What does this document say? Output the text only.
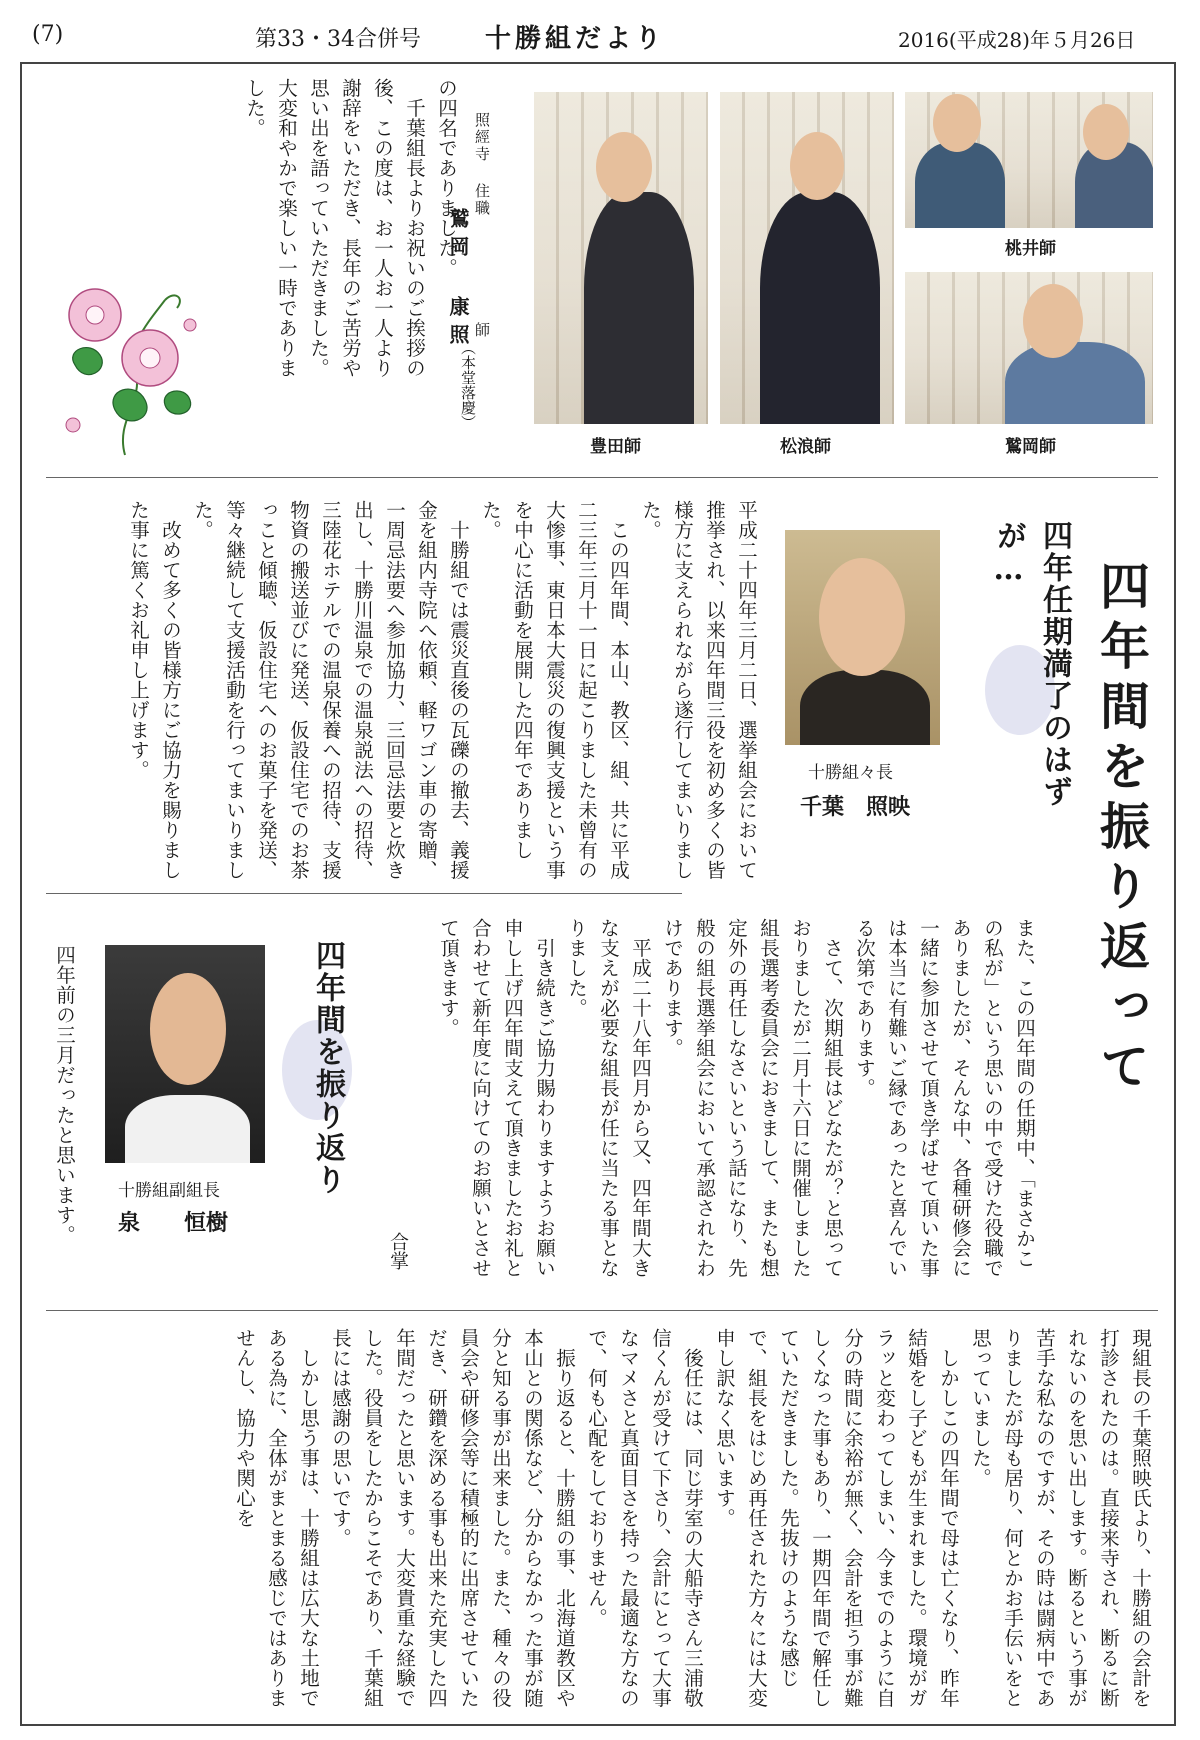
(7)	第33・34合併号 十勝組だより	2016(平成28)年５月26日
の四名でありました。
　千葉組長よりお祝いのご挨拶の後、この度は、お一人お一人より謝辞をいただき、長年のご苦労や思い出を語っていただきました。大変和やかで楽しい一時でありました。
照經寺 住職
鷲岡 康照 師
（本堂落慶）
桃井師
豊田師	松浪師	鷲岡師
四年間を振り返って
四年任期満了のはずが…
十勝組々長
千葉　照映
平成二十四年三月二日、選挙組会において推挙され、以来四年間三役を初め多くの皆様方に支えられながら遂行してまいりました。
　この四年間、本山、教区、組、共に平成二三年三月十一日に起こりました未曾有の大惨事、東日本大震災の復興支援という事を中心に活動を展開した四年でありました。
　十勝組では震災直後の瓦礫の撤去、義援金を組内寺院へ依頼、軽ワゴン車の寄贈、一周忌法要へ参加協力、三回忌法要と炊き出し、十勝川温泉での温泉説法への招待、三陸花ホテルでの温泉保養への招待、支援物資の搬送並びに発送、仮設住宅でのお茶っこと傾聴、仮設住宅へのお菓子を発送、等々継続して支援活動を行ってまいりました。
　改めて多くの皆様方にご協力を賜りました事に篤くお礼申し上げます。
また、この四年間の任期中、「まさかこの私が」という思いの中で受けた役職でありましたが、そんな中、各種研修会に一緒に参加させて頂き学ばせて頂いた事は本当に有難いご縁であったと喜んでいる次第であります。
　さて、次期組長はどなたが？と思っておりましたが二月十六日に開催しました組長選考委員会におきまして、またも想定外の再任しなさいという話になり、先般の組長選挙組会において承認されたわけであります。
　平成二十八年四月から又、四年間大きな支えが必要な組長が任に当たる事となりました。
　引き続きご協力賜わりますようお願い申し上げ四年間支えて頂きましたお礼と合わせて新年度に向けてのお願いとさせて頂きます。
合掌
四年間を振り返り
十勝組副組長
泉　　恒樹
四年前の三月だったと思います。
現組長の千葉照映氏より、十勝組の会計を打診されたのは。直接来寺され、断るに断れないのを思い出します。断るという事が苦手な私なのですが、その時は闘病中でありましたが母も居り、何とかお手伝いをと思っていました。
　しかしこの四年間で母は亡くなり、昨年結婚をし子どもが生まれました。環境がガラッと変わってしまい、今までのように自分の時間に余裕が無く、会計を担う事が難しくなった事もあり、一期四年間で解任していただきました。先抜けのような感じで、組長をはじめ再任された方々には大変申し訳なく思います。
　後任には、同じ芽室の大船寺さん三浦敬信くんが受けて下さり、会計にとって大事なマメさと真面目さを持った最適な方なので、何も心配をしておりません。
　振り返ると、十勝組の事、北海道教区や本山との関係など、分からなかった事が随分と知る事が出来ました。また、種々の役員会や研修会等に積極的に出席させていただき、研鑽を深める事も出来た充実した四年間だったと思います。大変貴重な経験でした。役員をしたからこそであり、千葉組長には感謝の思いです。
　しかし思う事は、十勝組は広大な土地である為に、全体がまとまる感じではありませんし、協力や関心を
